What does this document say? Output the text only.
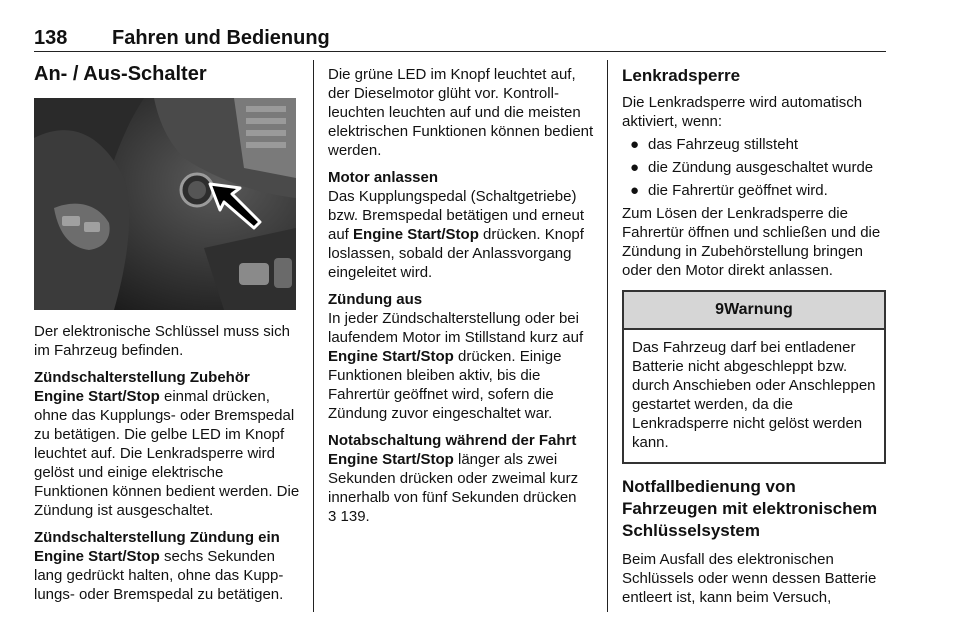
138 Fahren und Bedienung

An- / Aus-Schalter

Der elektronische Schlüssel muss sich im Fahrzeug befinden.

Zündschalterstellung Zubehör
Engine Start/Stop einmal drücken, ohne das Kupplungs- oder Bremspedal zu betätigen. Die gelbe LED im Knopf leuchtet auf. Die Lenkradsperre wird gelöst und einige elektrische Funktionen können bedient werden. Die Zündung ist ausgeschaltet.

Zündschalterstellung Zündung ein
Engine Start/Stop sechs Sekunden lang gedrückt halten, ohne das Kupplungs- oder Bremspedal zu betätigen.

Die grüne LED im Knopf leuchtet auf, der Dieselmotor glüht vor. Kontrollleuchten leuchten auf und die meisten elektrischen Funktionen können bedient werden.

Motor anlassen
Das Kupplungspedal (Schaltgetriebe) bzw. Bremspedal betätigen und erneut auf Engine Start/Stop drücken. Knopf loslassen, sobald der Anlassvorgang eingeleitet wird.

Zündung aus
In jeder Zündschalterstellung oder bei laufendem Motor im Stillstand kurz auf Engine Start/Stop drücken. Einige Funktionen bleiben aktiv, bis die Fahrertür geöffnet wird, sofern die Zündung zuvor eingeschaltet war.

Notabschaltung während der Fahrt
Engine Start/Stop länger als zwei Sekunden drücken oder zweimal kurz innerhalb von fünf Sekunden drücken
3 139.

Lenkradsperre

Die Lenkradsperre wird automatisch aktiviert, wenn:

● das Fahrzeug stillsteht
● die Zündung ausgeschaltet wurde
● die Fahrertür geöffnet wird.

Zum Lösen der Lenkradsperre die Fahrertür öffnen und schließen und die Zündung in Zubehörstellung bringen oder den Motor direkt anlassen.

9Warnung
Das Fahrzeug darf bei entladener Batterie nicht abgeschleppt bzw. durch Anschieben oder Anschleppen gestartet werden, da die Lenkradsperre nicht gelöst werden kann.

Notfallbedienung von Fahrzeugen mit elektronischem Schlüsselsystem

Beim Ausfall des elektronischen Schlüssels oder wenn dessen Batterie entleert ist, kann beim Versuch,
